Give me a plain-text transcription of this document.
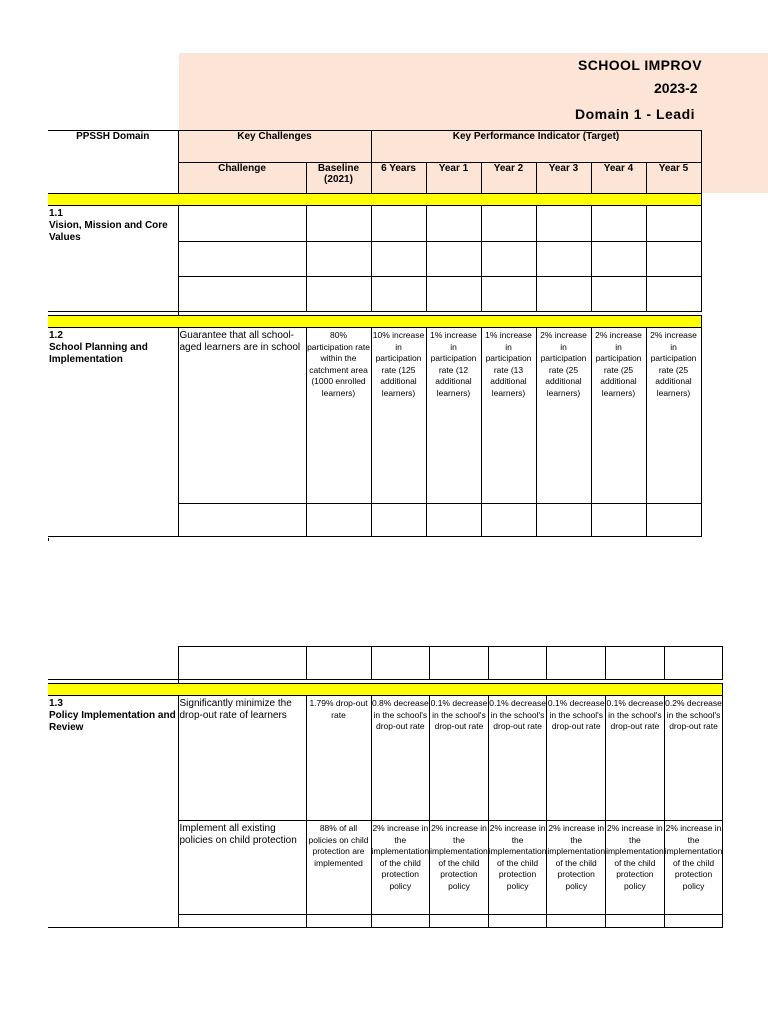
SCHOOL IMPROV
2023-2
Domain 1 - Leadi
PPSSH Domain	Key Challenges		Key Performance Indicator (Target)					
	Challenge	Baseline (2021)	6 Years	Year 1	Year 2	Year 3	Year 4	Year 5

1.1
Vision, Mission and Core Values								

1.2
School Planning and Implementation	Guarantee that all school-aged learners are in school	80% participation rate within the catchment area (1000 enrolled learners)	10% increase in participation rate (125 additional learners)	1% increase in participation rate (12 additional learners)	1% increase in participation rate (13 additional learners)	2% increase in participation rate (25 additional learners)	2% increase in participation rate (25 additional learners)	2% increase in participation rate (25 additional learners)

1.3
Policy Implementation and Review	Significantly minimize the drop-out rate of learners	1.79% drop-out rate	0.8% decrease in the school's drop-out rate	0.1% decrease in the school's drop-out rate	0.1% decrease in the school's drop-out rate	0.1% decrease in the school's drop-out rate	0.1% decrease in the school's drop-out rate	0.2% decrease in the school's drop-out rate
	Implement all existing policies on child protection	88% of all policies on child protection are implemented	2% increase in the implementation of the child protection policy	2% increase in the implementation of the child protection policy	2% increase in the implementation of the child protection policy	2% increase in the implementation of the child protection policy	2% increase in the implementation of the child protection policy	2% increase in the implementation of the child protection policy
